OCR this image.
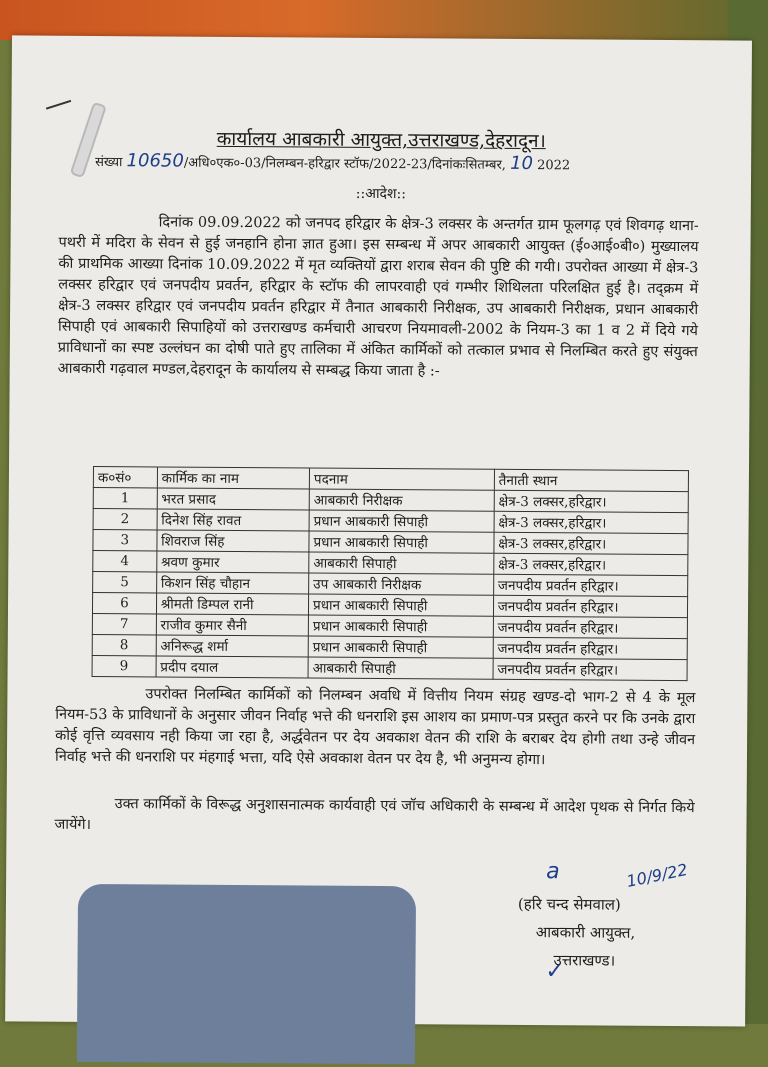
कार्यालय आबकारी आयुक्त,उत्तराखण्ड,देहरादून।
संख्या 10650/अधि०एक०-03/निलम्बन-हरिद्वार स्टॉफ/2022-23/दिनांकःसितम्बर, 10 2022
::आदेश::
दिनांक 09.09.2022 को जनपद हरिद्वार के क्षेत्र-3 लक्सर के अन्तर्गत ग्राम फूलगढ़ एवं शिवगढ़ थाना-पथरी में मदिरा के सेवन से हुई जनहानि होना ज्ञात हुआ। इस सम्बन्ध में अपर आबकारी आयुक्त (ई०आई०बी०) मुख्यालय की प्राथमिक आख्या दिनांक 10.09.2022 में मृत व्यक्तियों द्वारा शराब सेवन की पुष्टि की गयी। उपरोक्त आख्या में क्षेत्र-3 लक्सर हरिद्वार एवं जनपदीय प्रवर्तन, हरिद्वार के स्टॉफ की लापरवाही एवं गम्भीर शिथिलता परिलक्षित हुई है। तद्‌क्रम में क्षेत्र-3 लक्सर हरिद्वार एवं जनपदीय प्रवर्तन हरिद्वार में तैनात आबकारी निरीक्षक, उप आबकारी निरीक्षक, प्रधान आबकारी सिपाही एवं आबकारी सिपाहियों को उत्तराखण्ड कर्मचारी आचरण नियमावली-2002 के नियम-3 का 1 व 2 में दिये गये प्राविधानों का स्पष्ट उल्लंघन का दोषी पाते हुए तालिका में अंकित कार्मिकों को तत्काल प्रभाव से निलम्बित करते हुए संयुक्त आबकारी गढ़वाल मण्डल,देहरादून के कार्यालय से सम्बद्ध किया जाता है :-
क०सं०	कार्मिक का नाम	पदनाम	तैनाती स्थान
1	भरत प्रसाद	आबकारी निरीक्षक	क्षेत्र-3 लक्सर,हरिद्वार।
2	दिनेश सिंह रावत	प्रधान आबकारी सिपाही	क्षेत्र-3 लक्सर,हरिद्वार।
3	शिवराज सिंह	प्रधान आबकारी सिपाही	क्षेत्र-3 लक्सर,हरिद्वार।
4	श्रवण कुमार	आबकारी सिपाही	क्षेत्र-3 लक्सर,हरिद्वार।
5	किशन सिंह चौहान	उप आबकारी निरीक्षक	जनपदीय प्रवर्तन हरिद्वार।
6	श्रीमती डिम्पल रानी	प्रधान आबकारी सिपाही	जनपदीय प्रवर्तन हरिद्वार।
7	राजीव कुमार सैनी	प्रधान आबकारी सिपाही	जनपदीय प्रवर्तन हरिद्वार।
8	अनिरूद्ध शर्मा	प्रधान आबकारी सिपाही	जनपदीय प्रवर्तन हरिद्वार।
9	प्रदीप दयाल	आबकारी सिपाही	जनपदीय प्रवर्तन हरिद्वार।
उपरोक्त निलम्बित कार्मिकों को निलम्बन अवधि में वित्तीय नियम संग्रह खण्ड-दो भाग-2 से 4 के मूल नियम-53 के प्राविधानों के अनुसार जीवन निर्वाह भत्ते की धनराशि इस आशय का प्रमाण-पत्र प्रस्तुत करने पर कि उनके द्वारा कोई वृत्ति व्यवसाय नही किया जा रहा है, अर्द्धवेतन पर देय अवकाश वेतन की राशि के बराबर देय होगी तथा उन्हे जीवन निर्वाह भत्ते की धनराशि पर मंहगाई भत्ता, यदि ऐसे अवकाश वेतन पर देय है, भी अनुमन्य होगा।
उक्त कार्मिकों के विरूद्ध अनुशासनात्मक कार्यवाही एवं जॉच अधिकारी के सम्बन्ध में आदेश पृथक से निर्गत किये जायेंगे।
a	10/9/22
(हरि चन्द सेमवाल)
आबकारी आयुक्त,
उत्तराखण्ड।
✓
